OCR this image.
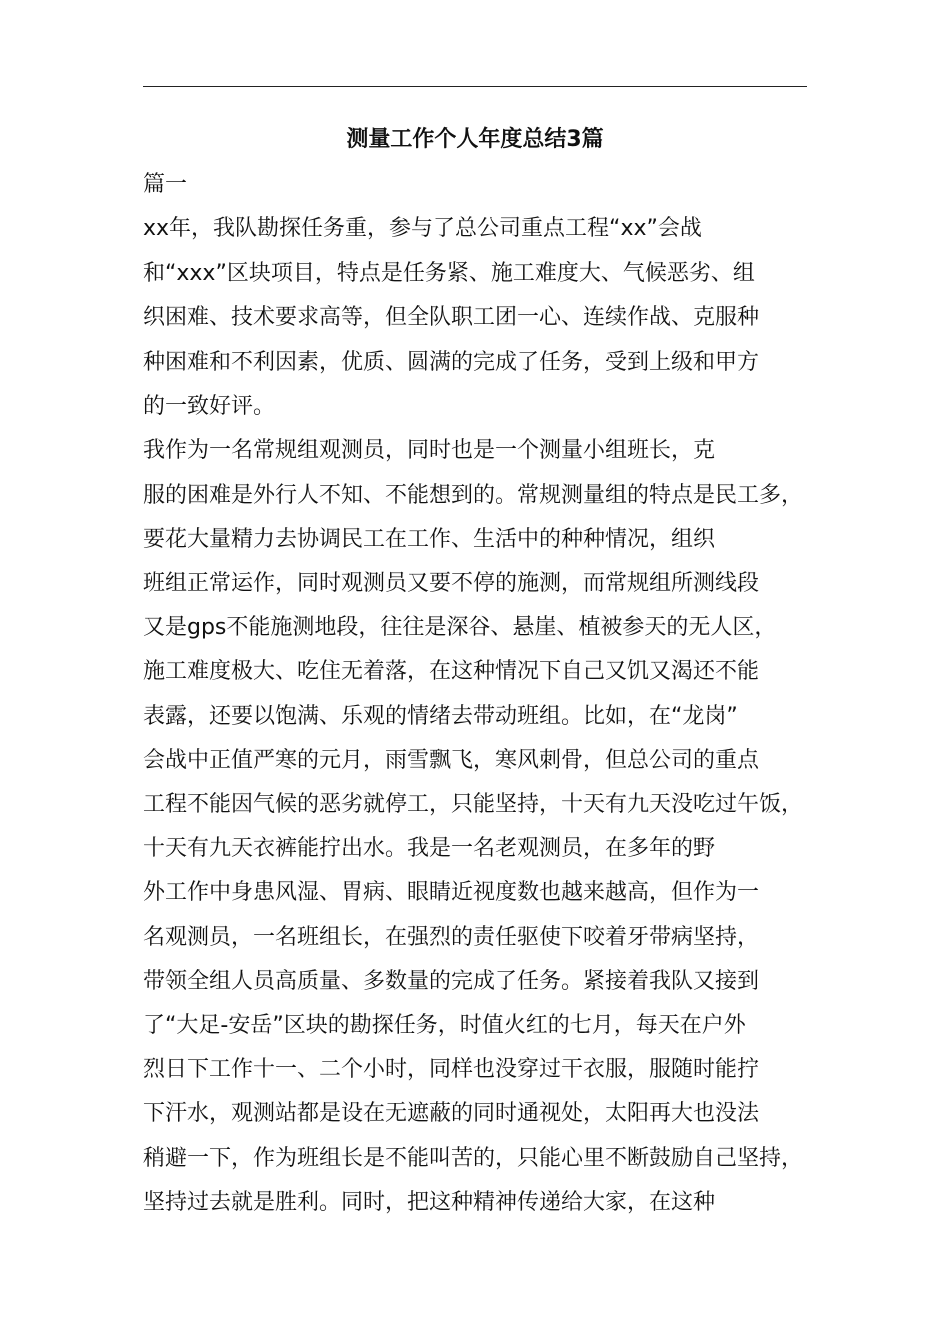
测量工作个人年度总结3篇
篇一
xx年，我队勘探任务重，参与了总公司重点工程“xx”会战
和“xxx”区块项目，特点是任务紧、施工难度大、气候恶劣、组
织困难、技术要求高等，但全队职工团一心、连续作战、克服种
种困难和不利因素，优质、圆满的完成了任务，受到上级和甲方
的一致好评。
我作为一名常规组观测员，同时也是一个测量小组班长，克
服的困难是外行人不知、不能想到的。常规测量组的特点是民工多，
要花大量精力去协调民工在工作、生活中的种种情况，组织
班组正常运作，同时观测员又要不停的施测，而常规组所测线段
又是gps不能施测地段，往往是深谷、悬崖、植被参天的无人区，
施工难度极大、吃住无着落，在这种情况下自己又饥又渴还不能
表露，还要以饱满、乐观的情绪去带动班组。比如，在“龙岗”
会战中正值严寒的元月，雨雪飘飞，寒风刺骨，但总公司的重点
工程不能因气候的恶劣就停工，只能坚持，十天有九天没吃过午饭，
十天有九天衣裤能拧出水。我是一名老观测员，在多年的野
外工作中身患风湿、胃病、眼睛近视度数也越来越高，但作为一
名观测员，一名班组长，在强烈的责任驱使下咬着牙带病坚持，
带领全组人员高质量、多数量的完成了任务。紧接着我队又接到
了“大足-安岳”区块的勘探任务，时值火红的七月，每天在户外
烈日下工作十一、二个小时，同样也没穿过干衣服，服随时能拧
下汗水，观测站都是设在无遮蔽的同时通视处，太阳再大也没法
稍避一下，作为班组长是不能叫苦的，只能心里不断鼓励自己坚持，
坚持过去就是胜利。同时，把这种精神传递给大家，在这种
